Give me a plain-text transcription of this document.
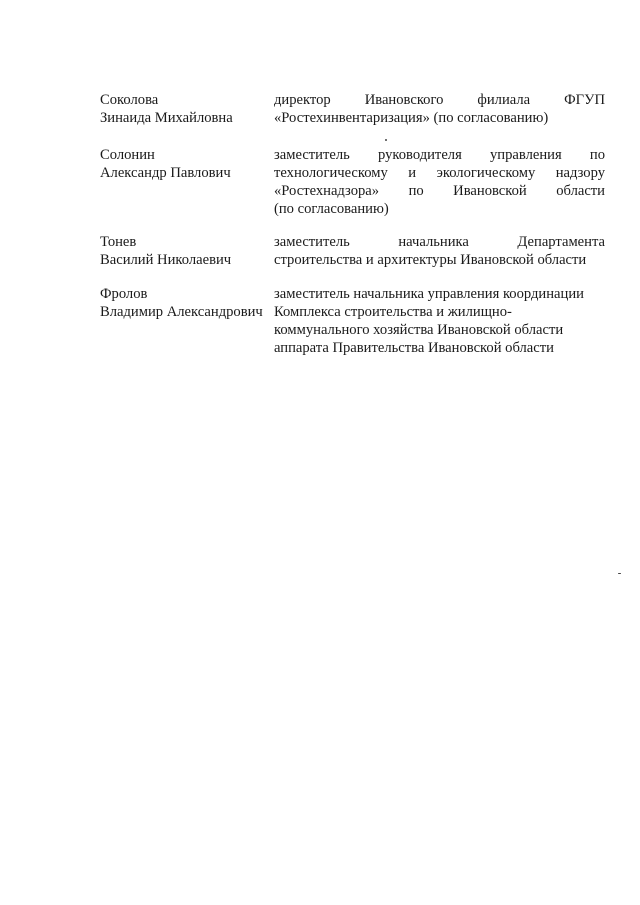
Соколова
Зинаида Михайловна
директор Ивановского филиала ФГУП
«Ростехинвентаризация» (по согласованию)
Солонин
Александр Павлович
заместитель руководителя управления по
технологическому и экологическому надзору
«Ростехнадзора» по Ивановской области
(по согласованию)
Тонев
Василий Николаевич
заместитель начальника Департамента
строительства и архитектуры Ивановской области
Фролов
Владимир Александрович
заместитель начальника управления координации
Комплекса строительства и жилищно-
коммунального хозяйства Ивановской области
аппарата Правительства Ивановской области
